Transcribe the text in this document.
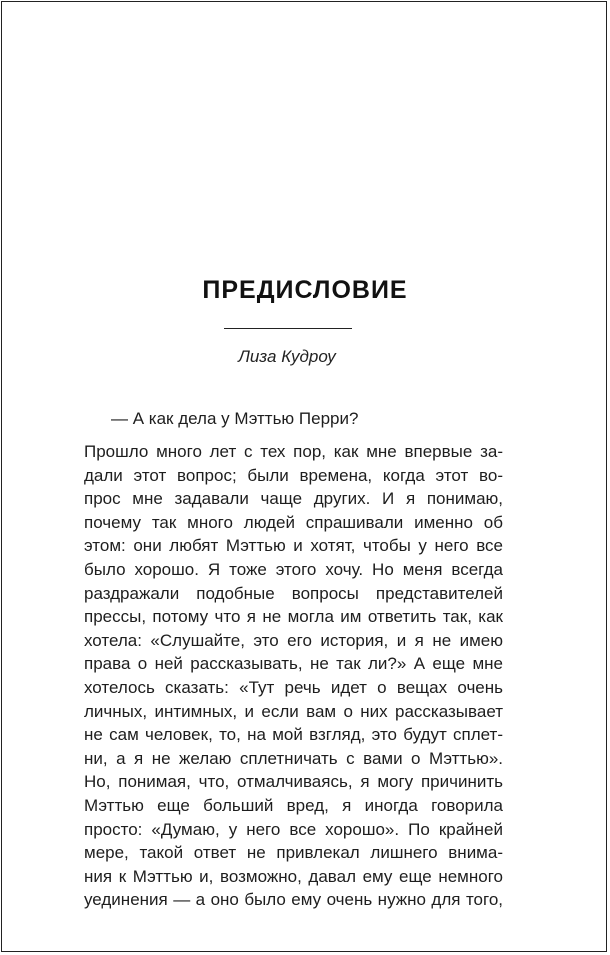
ПРЕДИСЛОВИЕ
Лиза Кудроу

— А как дела у Мэттью Перри?

Прошло много лет с тех пор, как мне впервые за-
дали этот вопрос; были времена, когда этот во-
прос мне задавали чаще других. И я понимаю,
почему так много людей спрашивали именно об
этом: они любят Мэттью и хотят, чтобы у него все
было хорошо. Я тоже этого хочу. Но меня всегда
раздражали подобные вопросы представителей
прессы, потому что я не могла им ответить так, как
хотела: «Слушайте, это его история, и я не имею
права о ней рассказывать, не так ли?» А еще мне
хотелось сказать: «Тут речь идет о вещах очень
личных, интимных, и если вам о них рассказывает
не сам человек, то, на мой взгляд, это будут сплет-
ни, а я не желаю сплетничать с вами о Мэттью».
Но, понимая, что, отмалчиваясь, я могу причинить
Мэттью еще больший вред, я иногда говорила
просто: «Думаю, у него все хорошо». По крайней
мере, такой ответ не привлекал лишнего внима-
ния к Мэттью и, возможно, давал ему еще немного
уединения — а оно было ему очень нужно для того,
